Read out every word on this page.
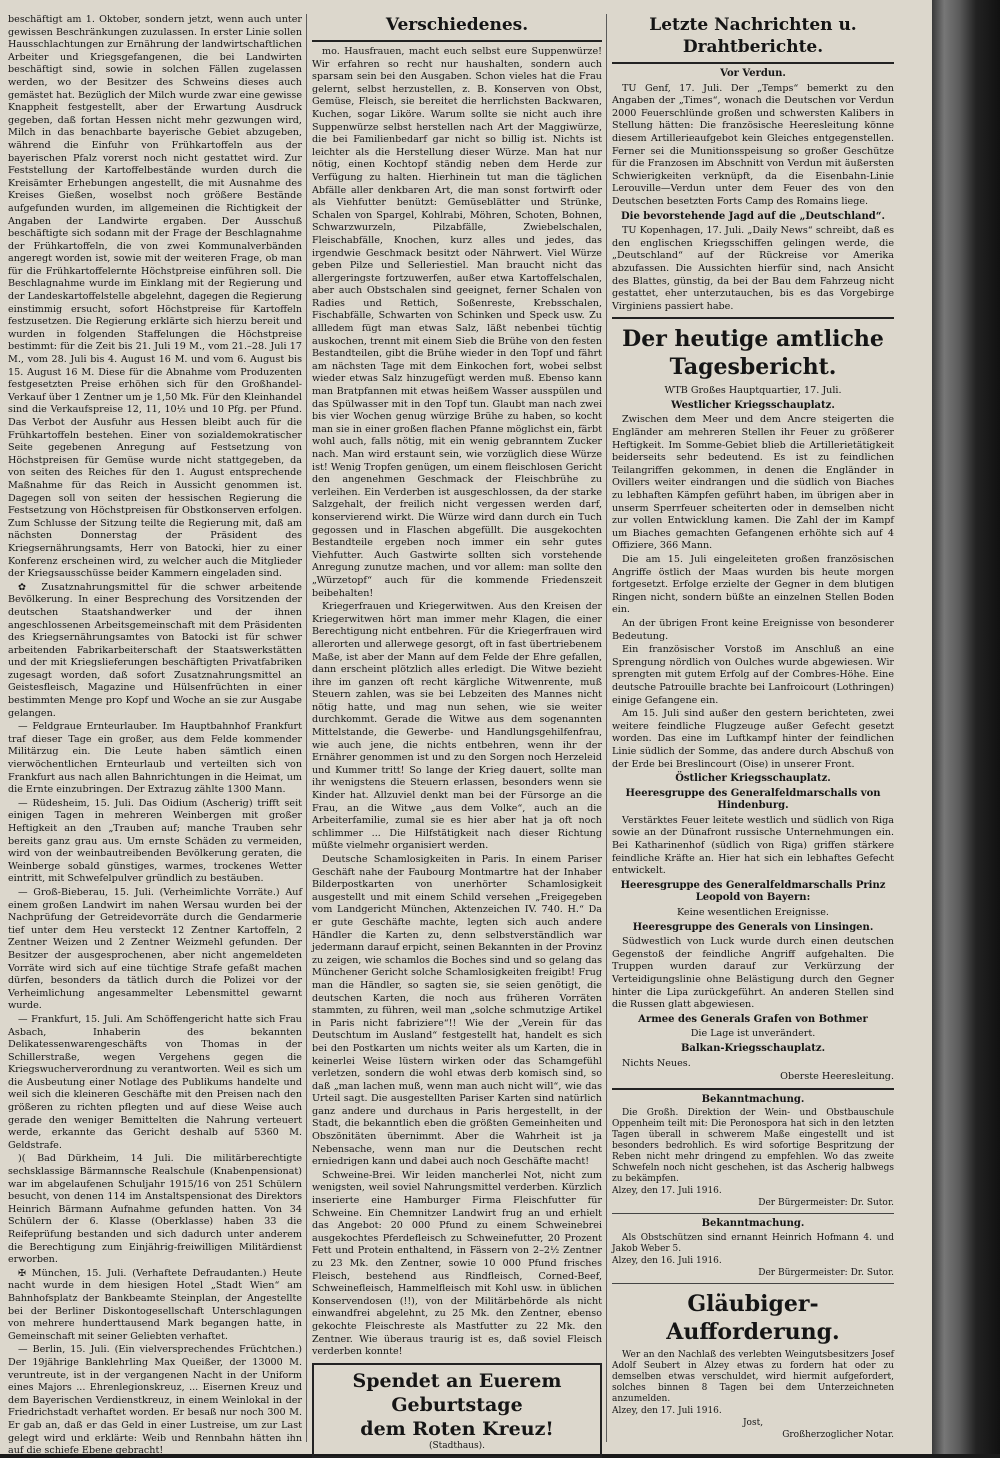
beschäftigt am 1. Oktober, sondern jetzt, wenn auch unter gewissen Beschränkungen zuzulassen. In erster Linie sollen Hausschlachtungen zur Ernährung der landwirtschaftlichen Arbeiter und Kriegsgefangenen, die bei Landwirten beschäftigt sind, sowie in solchen Fällen zugelassen werden, wo der Besitzer des Schweins dieses auch gemästet hat. Bezüglich der Milch wurde zwar eine gewisse Knappheit festgestellt, aber der Erwartung Ausdruck gegeben, daß fortan Hessen nicht mehr gezwungen wird, Milch in das benachbarte bayerische Gebiet abzugeben, während die Einfuhr von Frühkartoffeln aus der bayerischen Pfalz vorerst noch nicht gestattet wird. Zur Feststellung der Kartoffelbestände wurden durch die Kreisämter Erhebungen angestellt, die mit Ausnahme des Kreises Gießen, woselbst noch größere Bestände aufgefunden wurden, im allgemeinen die Richtigkeit der Angaben der Landwirte ergaben. Der Ausschuß beschäftigte sich sodann mit der Frage der Beschlagnahme der Frühkartoffeln, die von zwei Kommunalverbänden angeregt worden ist, sowie mit der weiteren Frage, ob man für die Frühkartoffelernte Höchstpreise einführen soll. Die Beschlagnahme wurde im Einklang mit der Regierung und der Landeskartoffelstelle abgelehnt, dagegen die Regierung einstimmig ersucht, sofort Höchstpreise für Kartoffeln festzusetzen. Die Regierung erklärte sich hierzu bereit und wurden in folgenden Staffelungen die Höchstpreise bestimmt: für die Zeit bis 21. Juli 19 M., vom 21.–28. Juli 17 M., vom 28. Juli bis 4. August 16 M. und vom 6. August bis 15. August 16 M. Diese für die Abnahme vom Produzenten festgesetzten Preise erhöhen sich für den Großhandel-Verkauf über 1 Zentner um je 1,50 Mk. Für den Kleinhandel sind die Verkaufspreise 12, 11, 10½ und 10 Pfg. per Pfund. Das Verbot der Ausfuhr aus Hessen bleibt auch für die Frühkartoffeln bestehen. Einer von sozialdemokratischer Seite gegebenen Anregung auf Festsetzung von Höchstpreisen für Gemüse wurde nicht stattgegeben, da von seiten des Reiches für den 1. August entsprechende Maßnahme für das Reich in Aussicht genommen ist. Dagegen soll von seiten der hessischen Regierung die Festsetzung von Höchstpreisen für Obstkonserven erfolgen. Zum Schlusse der Sitzung teilte die Regierung mit, daß am nächsten Donnerstag der Präsident des Kriegsernährungsamts, Herr von Batocki, hier zu einer Konferenz erscheinen wird, zu welcher auch die Mitglieder der Kriegsausschüsse beider Kammern eingeladen sind.

✿ Zusatznahrungsmittel für die schwer arbeitende Bevölkerung. In einer Besprechung des Vorsitzenden der deutschen Staatshandwerker und der ihnen angeschlossenen Arbeitsgemeinschaft mit dem Präsidenten des Kriegsernährungsamtes von Batocki ist für schwer arbeitenden Fabrikarbeiterschaft der Staatswerkstätten und der mit Kriegslieferungen beschäftigten Privatfabriken zugesagt worden, daß sofort Zusatznahrungsmittel an Geistesfleisch, Magazine und Hülsenfrüchten in einer bestimmten Menge pro Kopf und Woche an sie zur Ausgabe gelangen.

— Feldgraue Ernteurlauber. Im Hauptbahnhof Frankfurt traf dieser Tage ein großer, aus dem Felde kommender Militärzug ein. Die Leute haben sämtlich einen vierwöchentlichen Ernteurlaub und verteilten sich von Frankfurt aus nach allen Bahnrichtungen in die Heimat, um die Ernte einzubringen. Der Extrazug zählte 1300 Mann.

— Rüdesheim, 15. Juli. Das Oidium (Ascherig) trifft seit einigen Tagen in mehreren Weinbergen mit großer Heftigkeit an den „Trauben auf; manche Trauben sehr bereits ganz grau aus. Um ernste Schäden zu vermeiden, wird von der weinbautreibenden Bevölkerung geraten, die Weinberge sobald günstiges, warmes, trockenes Wetter eintritt, mit Schwefelpulver gründlich zu bestäuben.

— Groß-Bieberau, 15. Juli. (Verheimlichte Vorräte.) Auf einem großen Landwirt im nahen Wersau wurden bei der Nachprüfung der Getreidevorräte durch die Gendarmerie tief unter dem Heu versteckt 12 Zentner Kartoffeln, 2 Zentner Weizen und 2 Zentner Weizmehl gefunden. Der Besitzer der ausgesprochenen, aber nicht angemeldeten Vorräte wird sich auf eine tüchtige Strafe gefaßt machen dürfen, besonders da tätlich durch die Polizei vor der Verheimlichung angesammelter Lebensmittel gewarnt wurde.

— Frankfurt, 15. Juli. Am Schöffengericht hatte sich Frau Asbach, Inhaberin des bekannten Delikatessenwarengeschäfts von Thomas in der Schillerstraße, wegen Vergehens gegen die Kriegswucherverordnung zu verantworten. Weil es sich um die Ausbeutung einer Notlage des Publikums handelte und weil sich die kleineren Geschäfte mit den Preisen nach den größeren zu richten pflegten und auf diese Weise auch gerade den weniger Bemittelten die Nahrung verteuert werde, erkannte das Gericht deshalb auf 5360 M. Geldstrafe.

)( Bad Dürkheim, 14 Juli. Die militärberechtigte sechsklassige Bärmannsche Realschule (Knabenpensionat) war im abgelaufenen Schuljahr 1915/16 von 251 Schülern besucht, von denen 114 im Anstaltspensionat des Direktors Heinrich Bärmann Aufnahme gefunden hatten. Von 34 Schülern der 6. Klasse (Oberklasse) haben 33 die Reifeprüfung bestanden und sich dadurch unter anderem die Berechtigung zum Einjährig-freiwilligen Militärdienst erworben.

✠ München, 15. Juli. (Verhaftete Defraudanten.) Heute nacht wurde in dem hiesigen Hotel „Stadt Wien“ am Bahnhofsplatz der Bankbeamte Steinplan, der Angestellte bei der Berliner Diskontogesellschaft Unterschlagungen von mehrere hunderttausend Mark begangen hatte, in Gemeinschaft mit seiner Geliebten verhaftet.

— Berlin, 15. Juli. (Ein vielversprechendes Früchtchen.) Der 19jährige Banklehrling Max Queißer, der 13000 M. veruntreute, ist in der vergangenen Nacht in der Uniform eines Majors ... Ehrenlegionskreuz, ... Eisernen Kreuz und dem Bayerischen Verdienstkreuz, in einem Weinlokal in der Friedrichstadt verhaftet worden. Er besaß nur noch 300 M. Er gab an, daß er das Geld in einer Lustreise, um zur Last gelegt wird und erklärte: Weib und Rennbahn hätten ihn auf die schiefe Ebene gebracht!

Verschiedenes.

mo. Hausfrauen, macht euch selbst eure Suppenwürze! Wir erfahren so recht nur haushalten, sondern auch sparsam sein bei den Ausgaben. Schon vieles hat die Frau gelernt, selbst herzustellen, z. B. Konserven von Obst, Gemüse, Fleisch, sie bereitet die herrlichsten Backwaren, Kuchen, sogar Liköre. Warum sollte sie nicht auch ihre Suppenwürze selbst herstellen nach Art der Maggiwürze, die bei Familienbedarf gar nicht so billig ist. Nichts ist leichter als die Herstellung dieser Würze. Man hat nur nötig, einen Kochtopf ständig neben dem Herde zur Verfügung zu halten. Hierhinein tut man die täglichen Abfälle aller denkbaren Art, die man sonst fortwirft oder als Viehfutter benützt: Gemüseblätter und Strünke, Schalen von Spargel, Kohlrabi, Möhren, Schoten, Bohnen, Schwarzwurzeln, Pilzabfälle, Zwiebelschalen, Fleischabfälle, Knochen, kurz alles und jedes, das irgendwie Geschmack besitzt oder Nährwert. Viel Würze geben Pilze und Selleriestiel. Man braucht nicht das allergeringste fortzuwerfen, außer etwa Kartoffelschalen, aber auch Obstschalen sind geeignet, ferner Schalen von Radies und Rettich, Soßenreste, Krebsschalen, Fischabfälle, Schwarten von Schinken und Speck usw. Zu allledem fügt man etwas Salz, läßt nebenbei tüchtig auskochen, trennt mit einem Sieb die Brühe von den festen Bestandteilen, gibt die Brühe wieder in den Topf und fährt am nächsten Tage mit dem Einkochen fort, wobei selbst wieder etwas Salz hinzugefügt werden muß. Ebenso kann man Bratpfannen mit etwas heißem Wasser ausspülen und das Spülwasser mit in den Topf tun. Glaubt man nach zwei bis vier Wochen genug würzige Brühe zu haben, so kocht man sie in einer großen flachen Pfanne möglichst ein, färbt wohl auch, falls nötig, mit ein wenig gebranntem Zucker nach. Man wird erstaunt sein, wie vorzüglich diese Würze ist! Wenig Tropfen genügen, um einem fleischlosen Gericht den angenehmen Geschmack der Fleischbrühe zu verleihen. Ein Verderben ist ausgeschlossen, da der starke Salzgehalt, der freilich nicht vergessen werden darf, konservierend wirkt. Die Würze wird dann durch ein Tuch gegossen und in Flaschen abgefüllt. Die ausgekochten Bestandteile ergeben noch immer ein sehr gutes Viehfutter. Auch Gastwirte sollten sich vorstehende Anregung zunutze machen, und vor allem: man sollte den „Würzetopf“ auch für die kommende Friedenszeit beibehalten!

Kriegerfrauen und Kriegerwitwen. Aus den Kreisen der Kriegerwitwen hört man immer mehr Klagen, die einer Berechtigung nicht entbehren. Für die Kriegerfrauen wird allerorten und allerwege gesorgt, oft in fast übertriebenem Maße, ist aber der Mann auf dem Felde der Ehre gefallen, dann erscheint plötzlich alles erledigt. Die Witwe bezieht ihre im ganzen oft recht kärgliche Witwenrente, muß Steuern zahlen, was sie bei Lebzeiten des Mannes nicht nötig hatte, und mag nun sehen, wie sie weiter durchkommt. Gerade die Witwe aus dem sogenannten Mittelstande, die Gewerbe- und Handlungsgehilfenfrau, wie auch jene, die nichts entbehren, wenn ihr der Ernährer genommen ist und zu den Sorgen noch Herzeleid und Kummer tritt! So lange der Krieg dauert, sollte man ihr wenigstens die Steuern erlassen, besonders wenn sie Kinder hat. Allzuviel denkt man bei der Fürsorge an die Frau, an die Witwe „aus dem Volke“, auch an die Arbeiterfamilie, zumal sie es hier aber hat ja oft noch schlimmer ... Die Hilfstätigkeit nach dieser Richtung müßte vielmehr organisiert werden.

Deutsche Schamlosigkeiten in Paris. In einem Pariser Geschäft nahe der Faubourg Montmartre hat der Inhaber Bilderpostkarten von unerhörter Schamlosigkeit ausgestellt und mit einem Schild versehen „Freigegeben vom Landgericht München, Aktenzeichen IV. 740. H.“ Da er gute Geschäfte machte, legten sich auch andere Händler die Karten zu, denn selbstverständlich war jedermann darauf erpicht, seinen Bekannten in der Provinz zu zeigen, wie schamlos die Boches sind und so gelang das Münchener Gericht solche Schamlosigkeiten freigibt! Frug man die Händler, so sagten sie, sie seien genötigt, die deutschen Karten, die noch aus früheren Vorräten stammten, zu führen, weil man „solche schmutzige Artikel in Paris nicht fabriziere“!! Wie der „Verein für das Deutschtum im Ausland“ festgestellt hat, handelt es sich bei den Postkarten um nichts weiter als um Karten, die in keinerlei Weise lüstern wirken oder das Schamgefühl verletzen, sondern die wohl etwas derb komisch sind, so daß „man lachen muß, wenn man auch nicht will“, wie das Urteil sagt. Die ausgestellten Pariser Karten sind natürlich ganz andere und durchaus in Paris hergestellt, in der Stadt, die bekanntlich eben die größten Gemeinheiten und Obszönitäten übernimmt. Aber die Wahrheit ist ja Nebensache, wenn man nur die Deutschen recht erniedrigen kann und dabei auch noch Geschäfte macht!

Schweine-Brei. Wir leiden mancherlei Not, nicht zum wenigsten, weil soviel Nahrungsmittel verderben. Kürzlich inserierte eine Hamburger Firma Fleischfutter für Schweine. Ein Chemnitzer Landwirt frug an und erhielt das Angebot: 20 000 Pfund zu einem Schweinebrei ausgekochtes Pferdefleisch zu Schweinefutter, 20 Prozent Fett und Protein enthaltend, in Fässern von 2–2½ Zentner zu 23 Mk. den Zentner, sowie 10 000 Pfund frisches Fleisch, bestehend aus Rindfleisch, Corned-Beef, Schweinefleisch, Hammelfleisch mit Kohl usw. in üblichen Konservendosen (!!), von der Militärbehörde als nicht einwandfrei abgelehnt, zu 25 Mk. den Zentner, ebenso gekochte Fleischreste als Mastfutter zu 22 Mk. den Zentner. Wie überaus traurig ist es, daß soviel Fleisch verderben konnte!

Spendet an Euerem Geburtstage
dem Roten Kreuz!
(Stadthaus).
Letzte Nachrichten u. Drahtberichte.
Vor Verdun.

TU Genf, 17. Juli. Der „Temps“ bemerkt zu den Angaben der „Times“, wonach die Deutschen vor Verdun 2000 Feuerschlünde großen und schwersten Kalibers in Stellung hätten: Die französische Heeresleitung könne diesem Artillerieaufgebot kein Gleiches entgegenstellen. Ferner sei die Munitionsspeisung so großer Geschütze für die Franzosen im Abschnitt von Verdun mit äußersten Schwierigkeiten verknüpft, da die Eisenbahn-Linie Lerouville—Verdun unter dem Feuer des von den Deutschen besetzten Forts Camp des Romains liege.

Die bevorstehende Jagd auf die „Deutschland“.

TU Kopenhagen, 17. Juli. „Daily News“ schreibt, daß es den englischen Kriegsschiffen gelingen werde, die „Deutschland“ auf der Rückreise vor Amerika abzufassen. Die Aussichten hierfür sind, nach Ansicht des Blattes, günstig, da bei der Bau dem Fahrzeug nicht gestattet, eher unterzutauchen, bis es das Vorgebirge Virginiens passiert habe.

Der heutige amtliche Tagesbericht.

WTB Großes Hauptquartier, 17. Juli.

Westlicher Kriegsschauplatz.

Zwischen dem Meer und dem Ancre steigerten die Engländer am mehreren Stellen ihr Feuer zu größerer Heftigkeit. Im Somme-Gebiet blieb die Artillerietätigkeit beiderseits sehr bedeutend. Es ist zu feindlichen Teilangriffen gekommen, in denen die Engländer in Ovillers weiter eindrangen und die südlich von Biaches zu lebhaften Kämpfen geführt haben, im übrigen aber in unserm Sperrfeuer scheiterten oder in demselben nicht zur vollen Entwicklung kamen. Die Zahl der im Kampf um Biaches gemachten Gefangenen erhöhte sich auf 4 Offiziere, 366 Mann.

Die am 15. Juli eingeleiteten großen französischen Angriffe östlich der Maas wurden bis heute morgen fortgesetzt. Erfolge erzielte der Gegner in dem blutigen Ringen nicht, sondern büßte an einzelnen Stellen Boden ein.

An der übrigen Front keine Ereignisse von besonderer Bedeutung.

Ein französischer Vorstoß im Anschluß an eine Sprengung nördlich von Oulches wurde abgewiesen. Wir sprengten mit gutem Erfolg auf der Combres-Höhe. Eine deutsche Patrouille brachte bei Lanfroicourt (Lothringen) einige Gefangene ein.

Am 15. Juli sind außer den gestern berichteten, zwei weitere feindliche Flugzeuge außer Gefecht gesetzt worden. Das eine im Luftkampf hinter der feindlichen Linie südlich der Somme, das andere durch Abschuß von der Erde bei Breslincourt (Oise) in unserer Front.

Östlicher Kriegsschauplatz.
Heeresgruppe des Generalfeldmarschalls von Hindenburg.

Verstärktes Feuer leitete westlich und südlich von Riga sowie an der Dünafront russische Unternehmungen ein. Bei Katharinenhof (südlich von Riga) griffen stärkere feindliche Kräfte an. Hier hat sich ein lebhaftes Gefecht entwickelt.

Heeresgruppe des Generalfeldmarschalls Prinz Leopold von Bayern:

Keine wesentlichen Ereignisse.

Heeresgruppe des Generals von Linsingen.

Südwestlich von Luck wurde durch einen deutschen Gegenstoß der feindliche Angriff aufgehalten. Die Truppen wurden darauf zur Verkürzung der Verteidigungslinie ohne Belästigung durch den Gegner hinter die Lipa zurückgeführt. An anderen Stellen sind die Russen glatt abgewiesen.

Armee des Generals Grafen von Bothmer

Die Lage ist unverändert.

Balkan-Kriegsschauplatz.

Nichts Neues.

Oberste Heeresleitung.

Bekanntmachung.

Die Großh. Direktion der Wein- und Obstbauschule Oppenheim teilt mit: Die Peronospora hat sich in den letzten Tagen überall in schwerem Maße eingestellt und ist besonders bedrohlich. Es wird sofortige Bespritzung der Reben nicht mehr dringend zu empfehlen. Wo das zweite Schwefeln noch nicht geschehen, ist das Ascherig halbwegs zu bekämpfen.

Alzey, den 17. Juli 1916.

Der Bürgermeister: Dr. Sutor.

Bekanntmachung.

Als Obstschützen sind ernannt Heinrich Hofmann 4. und Jakob Weber 5.

Alzey, den 16. Juli 1916.

Der Bürgermeister: Dr. Sutor.

Gläubiger-Aufforderung.

Wer an den Nachlaß des verlebten Weingutsbesitzers Josef Adolf Seubert in Alzey etwas zu fordern hat oder zu demselben etwas verschuldet, wird hiermit aufgefordert, solches binnen 8 Tagen bei dem Unterzeichneten anzumelden.

Alzey, den 17. Juli 1916.

Jost,

Großherzoglicher Notar.
